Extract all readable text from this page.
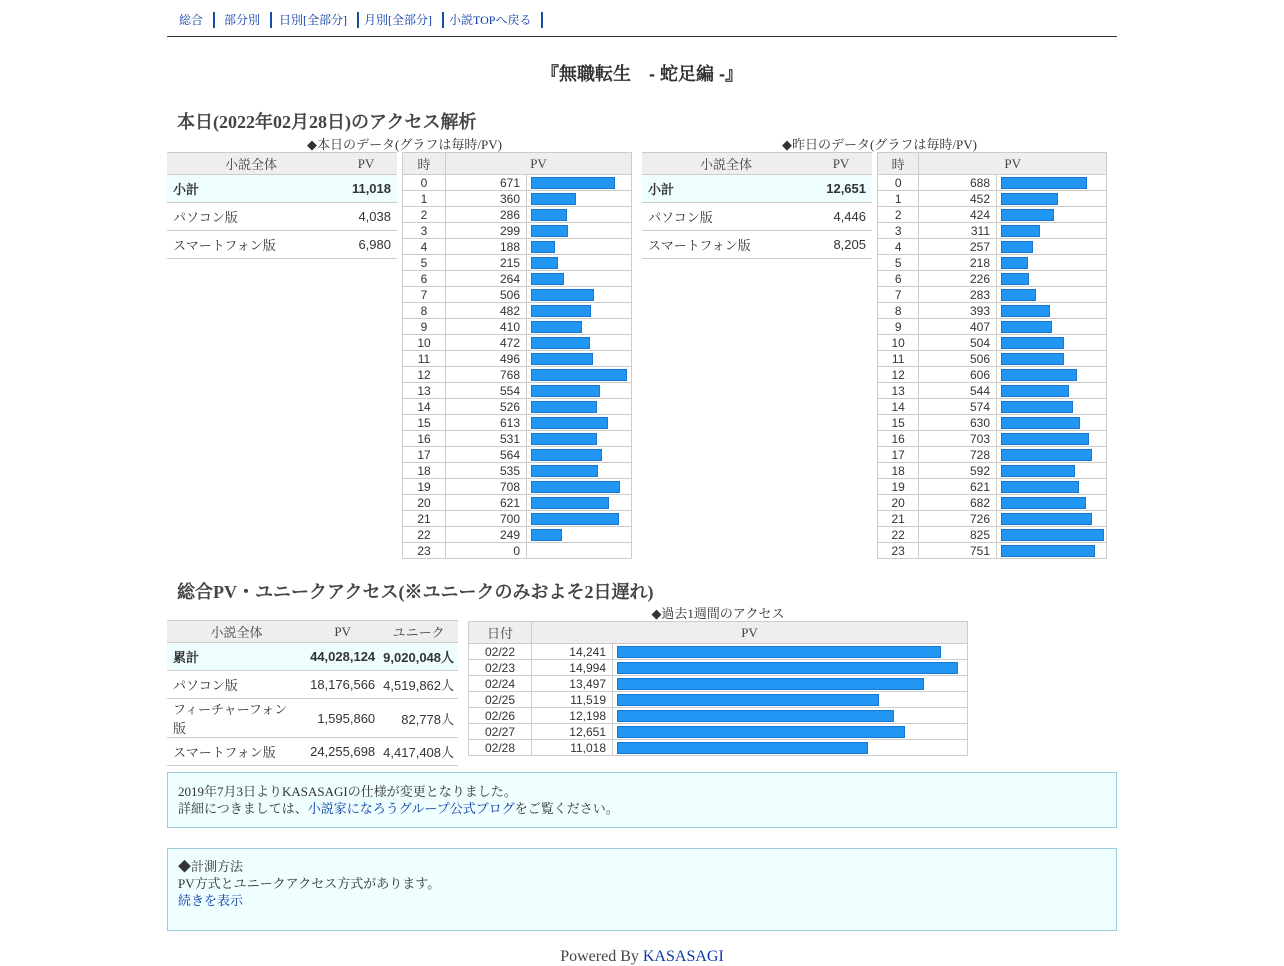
総合	部分別	日別[全部分]	月別[全部分]	小説TOPへ戻る
『無職転生　- 蛇足編 -』
本日(2022年02月28日)のアクセス解析
◆本日のデータ(グラフは毎時/PV)	◆昨日のデータ(グラフは毎時/PV)
小説全体	PV
小計	11,018
パソコン版	4,038
スマートフォン版	6,980
小説全体	PV
小計	12,651
パソコン版	4,446
スマートフォン版	8,205
時	PV	
0	671	

1	360	

2	286	

3	299	

4	188	

5	215	

6	264	

7	506	

8	482	

9	410	

10	472	

11	496	

12	768	

13	554	

14	526	

15	613	

16	531	

17	564	

18	535	

19	708	

20	621	

21	700	

22	249	

23	0	
時	PV	
0	688	

1	452	

2	424	

3	311	

4	257	

5	218	

6	226	

7	283	

8	393	

9	407	

10	504	

11	506	

12	606	

13	544	

14	574	

15	630	

16	703	

17	728	

18	592	

19	621	

20	682	

21	726	

22	825	

23	751	
総合PV・ユニークアクセス(※ユニークのみおよそ2日遅れ)
◆過去1週間のアクセス
小説全体	PV	ユニーク
累計	44,028,124	9,020,048人
パソコン版	18,176,566	4,519,862人
フィーチャーフォン版	1,595,860	82,778人
スマートフォン版	24,255,698	4,417,408人
日付	PV	
02/22	14,241	

02/23	14,994	

02/24	13,497	

02/25	11,519	

02/26	12,198	

02/27	12,651	

02/28	11,018	
2019年7月3日よりKASASAGIの仕様が変更となりました。
詳細につきましては、小説家になろうグループ公式ブログをご覧ください。
◆計測方法
PV方式とユニークアクセス方式があります。
続きを表示
Powered By KASASAGI
